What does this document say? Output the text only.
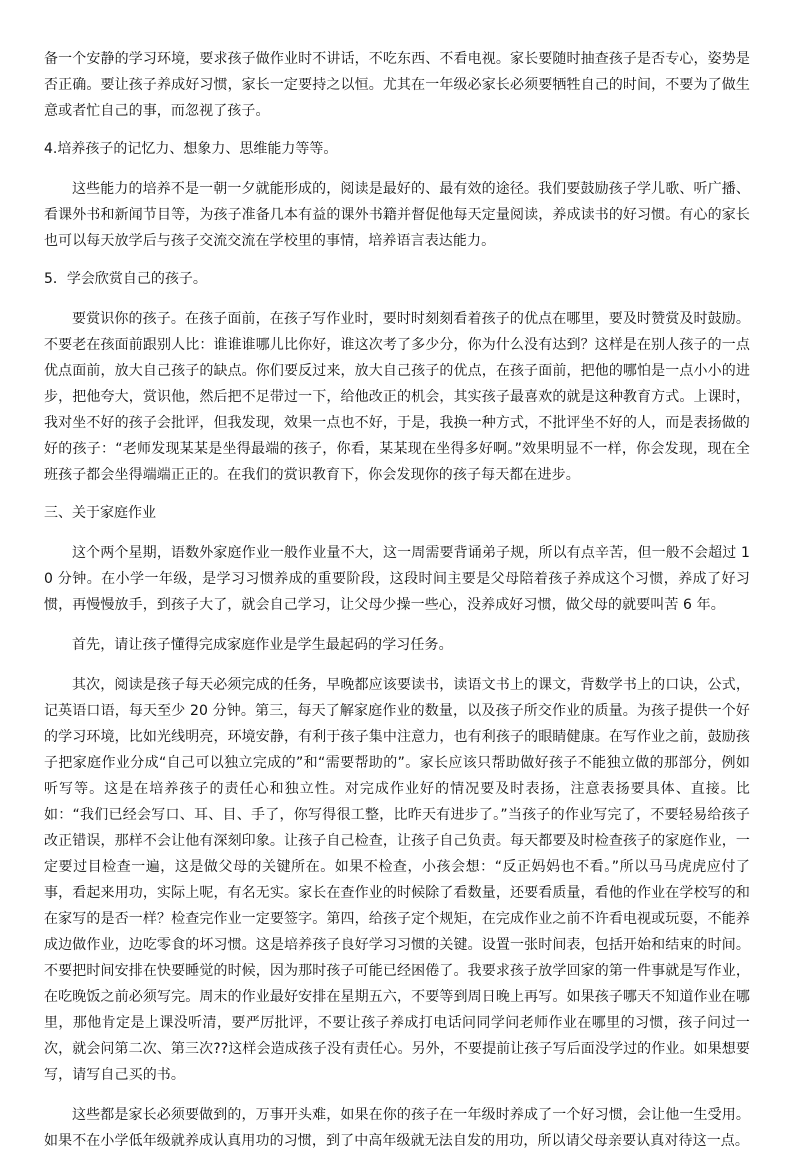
备一个安静的学习环境，要求孩子做作业时不讲话，不吃东西、不看电视。家长要随时抽查孩子是否专心，姿势是否正确。要让孩子养成好习惯，家长一定要持之以恒。尤其在一年级必家长必须要牺牲自己的时间，不要为了做生意或者忙自己的事，而忽视了孩子。

4.培养孩子的记忆力、想象力、思维能力等等。

这些能力的培养不是一朝一夕就能形成的，阅读是最好的、最有效的途径。我们要鼓励孩子学儿歌、听广播、看课外书和新闻节目等，为孩子准备几本有益的课外书籍并督促他每天定量阅读，养成读书的好习惯。有心的家长也可以每天放学后与孩子交流交流在学校里的事情，培养语言表达能力。

5．学会欣赏自己的孩子。

要赏识你的孩子。在孩子面前，在孩子写作业时，要时时刻刻看着孩子的优点在哪里，要及时赞赏及时鼓励。不要老在孩面前跟别人比：谁谁谁哪儿比你好，谁这次考了多少分，你为什么没有达到？这样是在别人孩子的一点优点面前，放大自己孩子的缺点。你们要反过来，放大自己孩子的优点，在孩子面前，把他的哪怕是一点小小的进步，把他夸大，赏识他，然后把不足带过一下，给他改正的机会，其实孩子最喜欢的就是这种教育方式。上课时，我对坐不好的孩子会批评，但我发现，效果一点也不好，于是，我换一种方式，不批评坐不好的人，而是表扬做的好的孩子：“老师发现某某是坐得最端的孩子，你看，某某现在坐得多好啊。”效果明显不一样，你会发现，现在全班孩子都会坐得端端正正的。在我们的赏识教育下，你会发现你的孩子每天都在进步。

三、关于家庭作业

这个两个星期，语数外家庭作业一般作业量不大，这一周需要背诵弟子规，所以有点辛苦，但一般不会超过 10 分钟。在小学一年级，是学习习惯养成的重要阶段，这段时间主要是父母陪着孩子养成这个习惯，养成了好习惯，再慢慢放手，到孩子大了，就会自己学习，让父母少操一些心，没养成好习惯，做父母的就要叫苦 6 年。

首先，请让孩子懂得完成家庭作业是学生最起码的学习任务。

其次，阅读是孩子每天必须完成的任务，早晚都应该要读书，读语文书上的课文，背数学书上的口诀，公式，记英语口语，每天至少 20 分钟。第三，每天了解家庭作业的数量，以及孩子所交作业的质量。为孩子提供一个好的学习环境，比如光线明亮，环境安静，有利于孩子集中注意力，也有利孩子的眼睛健康。在写作业之前，鼓励孩子把家庭作业分成“自己可以独立完成的”和“需要帮助的”。家长应该只帮助做好孩子不能独立做的那部分，例如听写等。这是在培养孩子的责任心和独立性。对完成作业好的情况要及时表扬，注意表扬要具体、直接。比如：“我们已经会写口、耳、目、手了，你写得很工整，比昨天有进步了。”当孩子的作业写完了，不要轻易给孩子改正错误，那样不会让他有深刻印象。让孩子自己检查，让孩子自己负责。每天都要及时检查孩子的家庭作业，一定要过目检查一遍，这是做父母的关键所在。如果不检查，小孩会想：“反正妈妈也不看。”所以马马虎虎应付了事，看起来用功，实际上呢，有名无实。家长在查作业的时候除了看数量，还要看质量，看他的作业在学校写的和在家写的是否一样？检查完作业一定要签字。第四，给孩子定个规矩，在完成作业之前不许看电视或玩耍，不能养成边做作业，边吃零食的坏习惯。这是培养孩子良好学习习惯的关键。设置一张时间表，包括开始和结束的时间。不要把时间安排在快要睡觉的时候，因为那时孩子可能已经困倦了。我要求孩子放学回家的第一件事就是写作业，在吃晚饭之前必须写完。周末的作业最好安排在星期五六，不要等到周日晚上再写。如果孩子哪天不知道作业在哪里，那他肯定是上课没听清，要严厉批评，不要让孩子养成打电话问同学问老师作业在哪里的习惯，孩子问过一次，就会问第二次、第三次??这样会造成孩子没有责任心。另外，不要提前让孩子写后面没学过的作业。如果想要写，请写自己买的书。

这些都是家长必须要做到的，万事开头难，如果在你的孩子在一年级时养成了一个好习惯，会让他一生受用。如果不在小学低年级就养成认真用功的习惯，到了中高年级就无法自发的用功，所以请父母亲要认真对待这一点。
